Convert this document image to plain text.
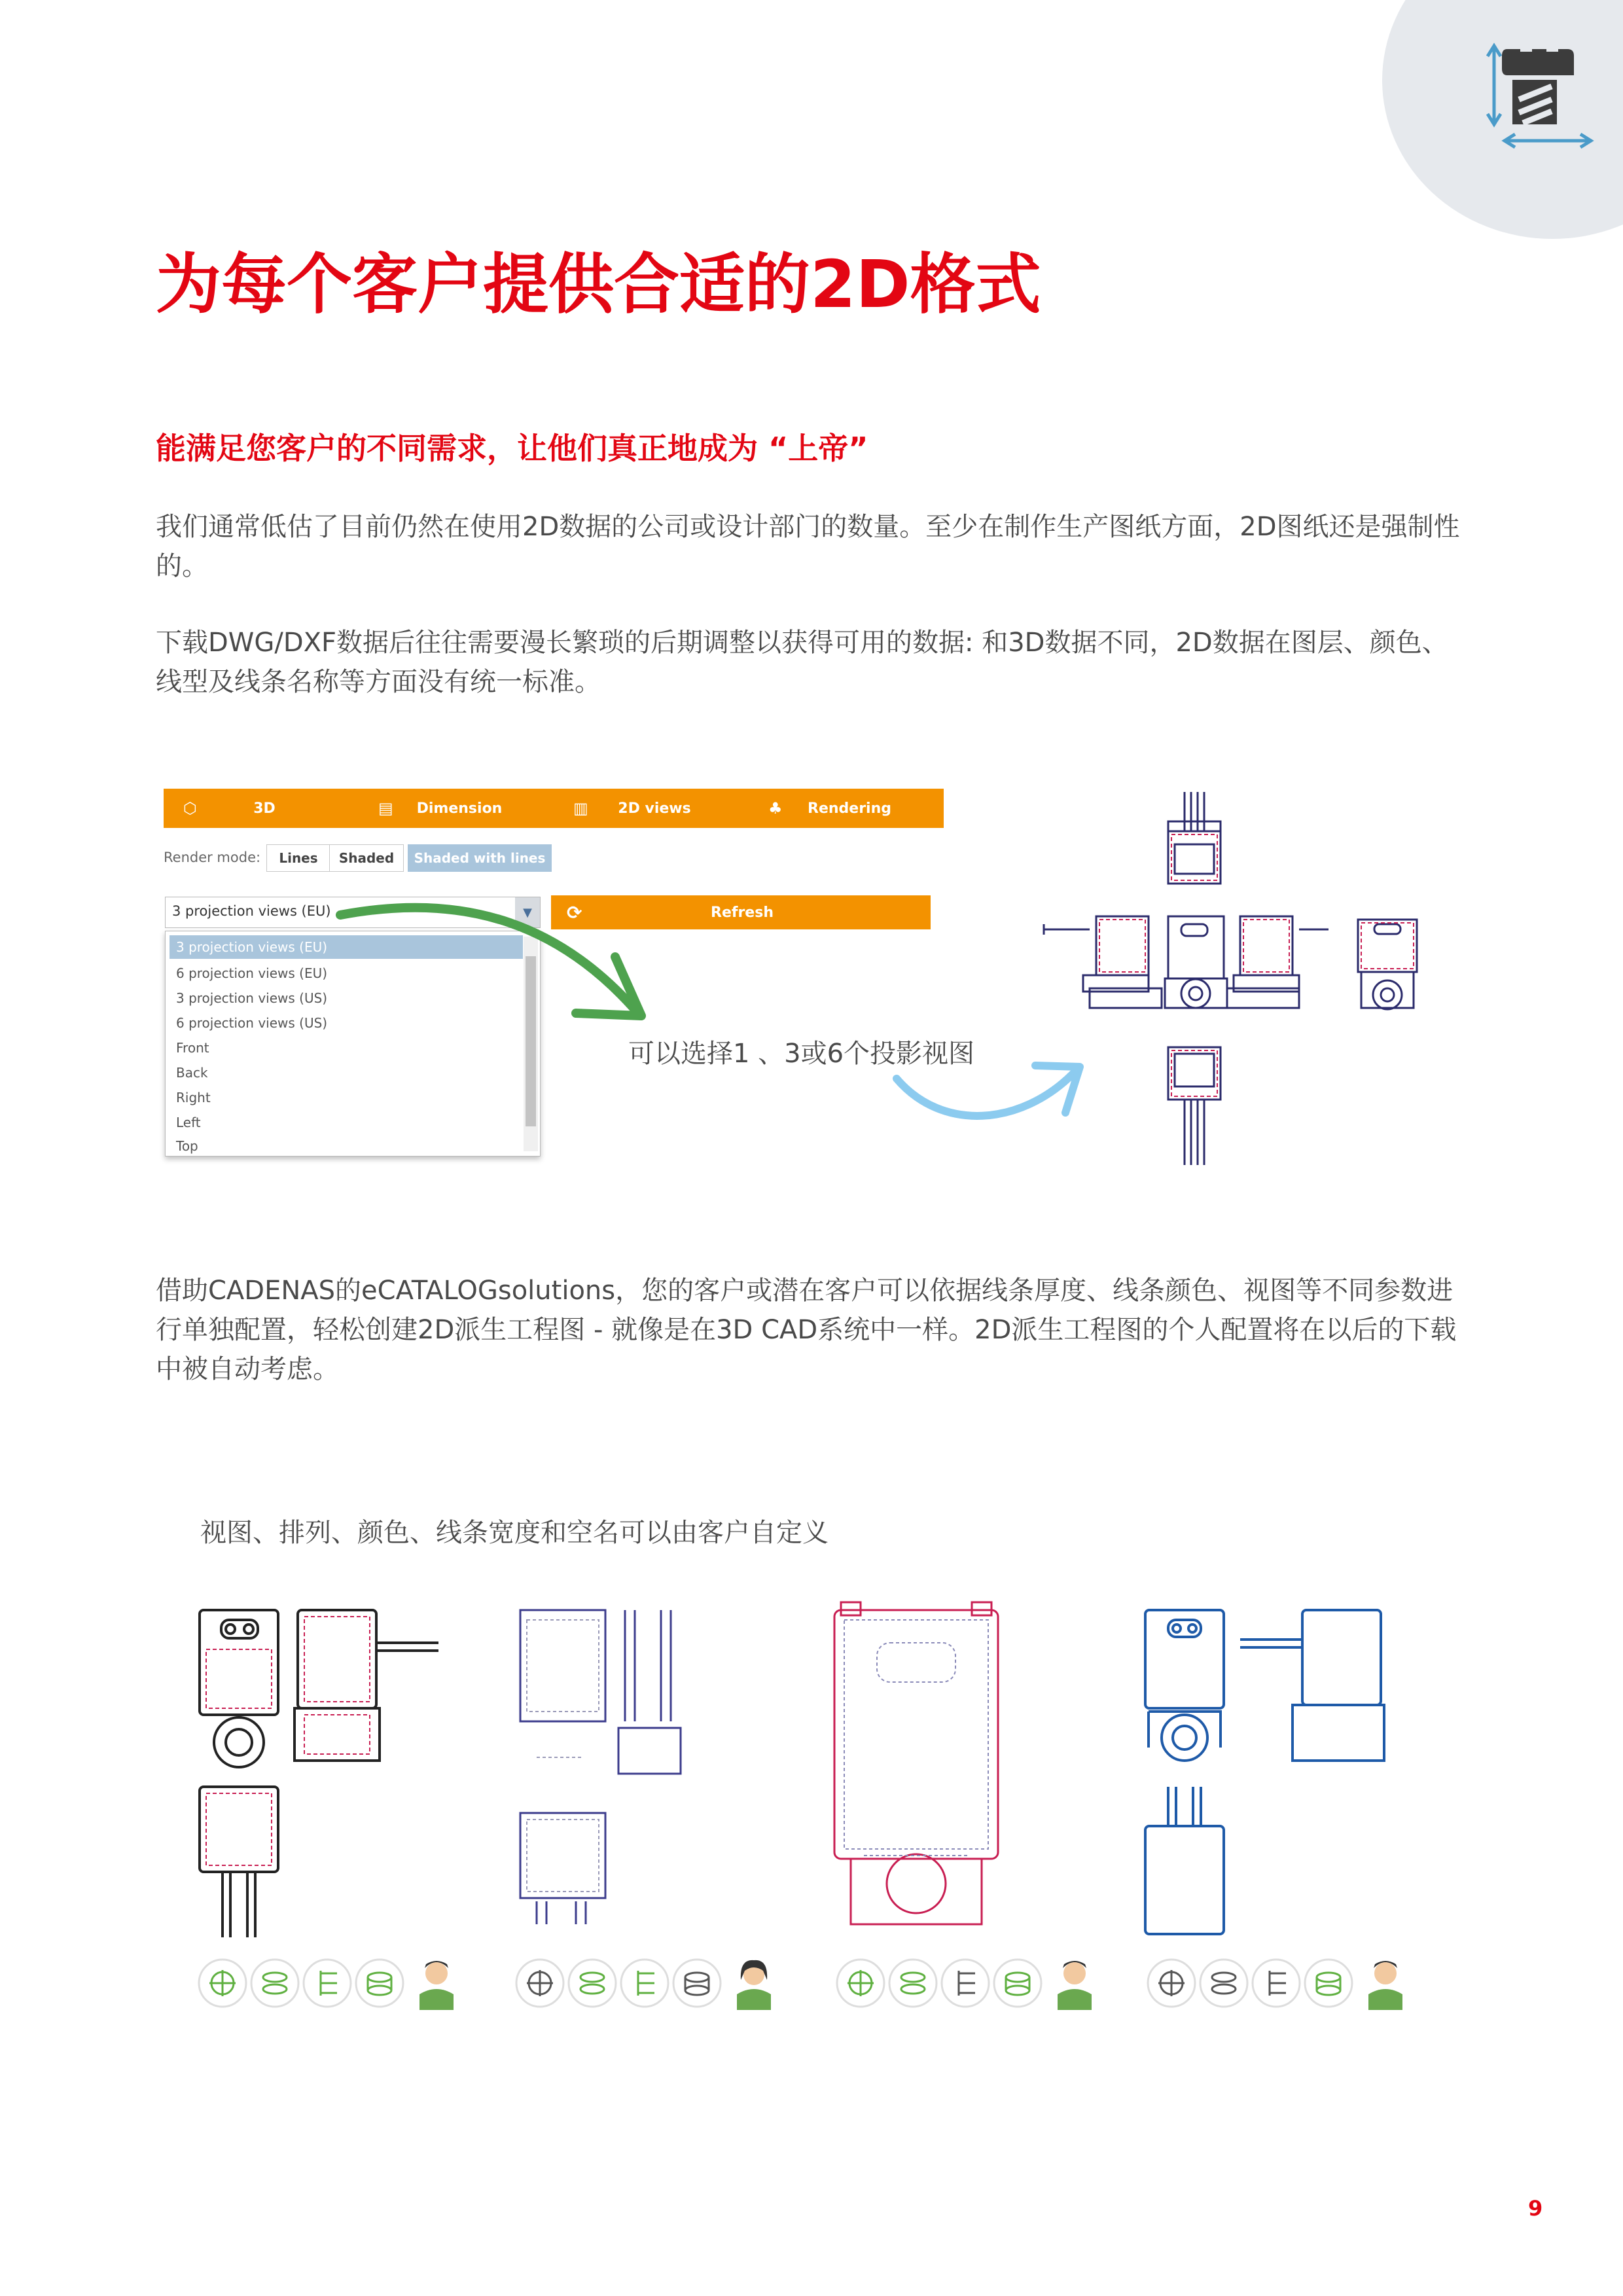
为每个客户提供合适的2D格式
能满足您客户的不同需求，让他们真正地成为 “上帝”
我们通常低估了目前仍然在使用2D数据的公司或设计部门的数量。至少在制作生产图纸方面，2D图纸还是强制性的。
下载DWG/DXF数据后往往需要漫长繁琐的后期调整以获得可用的数据: 和3D数据不同，2D数据在图层、颜色、线型及线条名称等方面没有统一标准。
⬡	3D	▤	Dimension	▥	2D views	♣	Rendering
Render mode:	Lines	Shaded	Shaded with lines
3 projection views (EU)	▼	⟳	Refresh
3 projection views (EU)
6 projection views (EU)
3 projection views (US)
6 projection views (US)
Front
Back
Right
Left
Top
可以选择1 、3或6个投影视图
借助CADENAS的eCATALOGsolutions，您的客户或潜在客户可以依据线条厚度、线条颜色、视图等不同参数进行单独配置，轻松创建2D派生工程图 - 就像是在3D CAD系统中一样。2D派生工程图的个人配置将在以后的下载中被自动考虑。
视图、排列、颜色、线条宽度和空名可以由客户自定义
9
